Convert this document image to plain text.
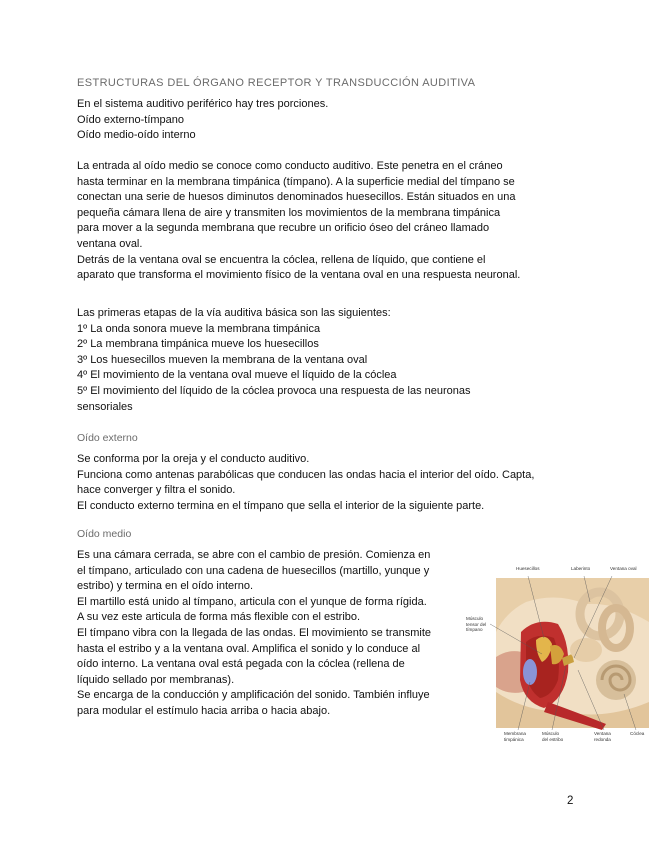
ESTRUCTURAS DEL ÓRGANO RECEPTOR Y TRANSDUCCIÓN AUDITIVA
En el sistema auditivo periférico hay tres porciones.
Oído externo-tímpano
Oído medio-oído interno
La entrada al oído medio se conoce como conducto auditivo. Este penetra en el cráneo
hasta terminar en la membrana timpánica (tímpano). A la superficie medial del tímpano se
conectan una serie de huesos diminutos denominados huesecillos. Están situados en una
pequeña cámara llena de aire y transmiten los movimientos de la membrana timpánica
para mover a la segunda membrana que recubre un orificio óseo del cráneo llamado
ventana oval.
Detrás de la ventana oval se encuentra la cóclea, rellena de líquido, que contiene el
aparato que transforma el movimiento físico de la ventana oval en una respuesta neuronal.
Las primeras etapas de la vía auditiva básica son las siguientes:
1º La onda sonora mueve la membrana timpánica
2º La membrana timpánica mueve los huesecillos
3º Los huesecillos mueven la membrana de la ventana oval
4º El movimiento de la ventana oval mueve el líquido de la cóclea
5º El movimiento del líquido de la cóclea provoca una respuesta de las neuronas
sensoriales
Oído externo
Se conforma por la oreja y el conducto auditivo.
Funciona como antenas parabólicas que conducen las ondas hacia el interior del oído. Capta,
hace converger y filtra el sonido.
El conducto externo termina en el tímpano que sella el interior de la siguiente parte.
Oído medio
Es una cámara cerrada, se abre con el cambio de presión. Comienza en
el tímpano, articulado con una cadena de huesecillos (martillo, yunque y
estribo) y termina en el oído interno.
El martillo está unido al tímpano, articula con el yunque de forma rígida.
A su vez este articula de forma más flexible con el estribo.
El tímpano vibra con la llegada de las ondas. El movimiento se transmite
hasta el estribo y a la ventana oval. Amplifica el sonido y lo conduce al
oído interno. La ventana oval está pegada con la cóclea (rellena de
líquido sellado por membranas).
Se encarga de la conducción y amplificación del sonido. También influye
para modular el estímulo hacia arriba o hacia abajo.
Huesecillos	Laberinto	Ventana oval
Músculo
tensor del
tímpano
Membrana
timpánica
Músculo
del estribo
Ventana
redonda
Cóclea
2
